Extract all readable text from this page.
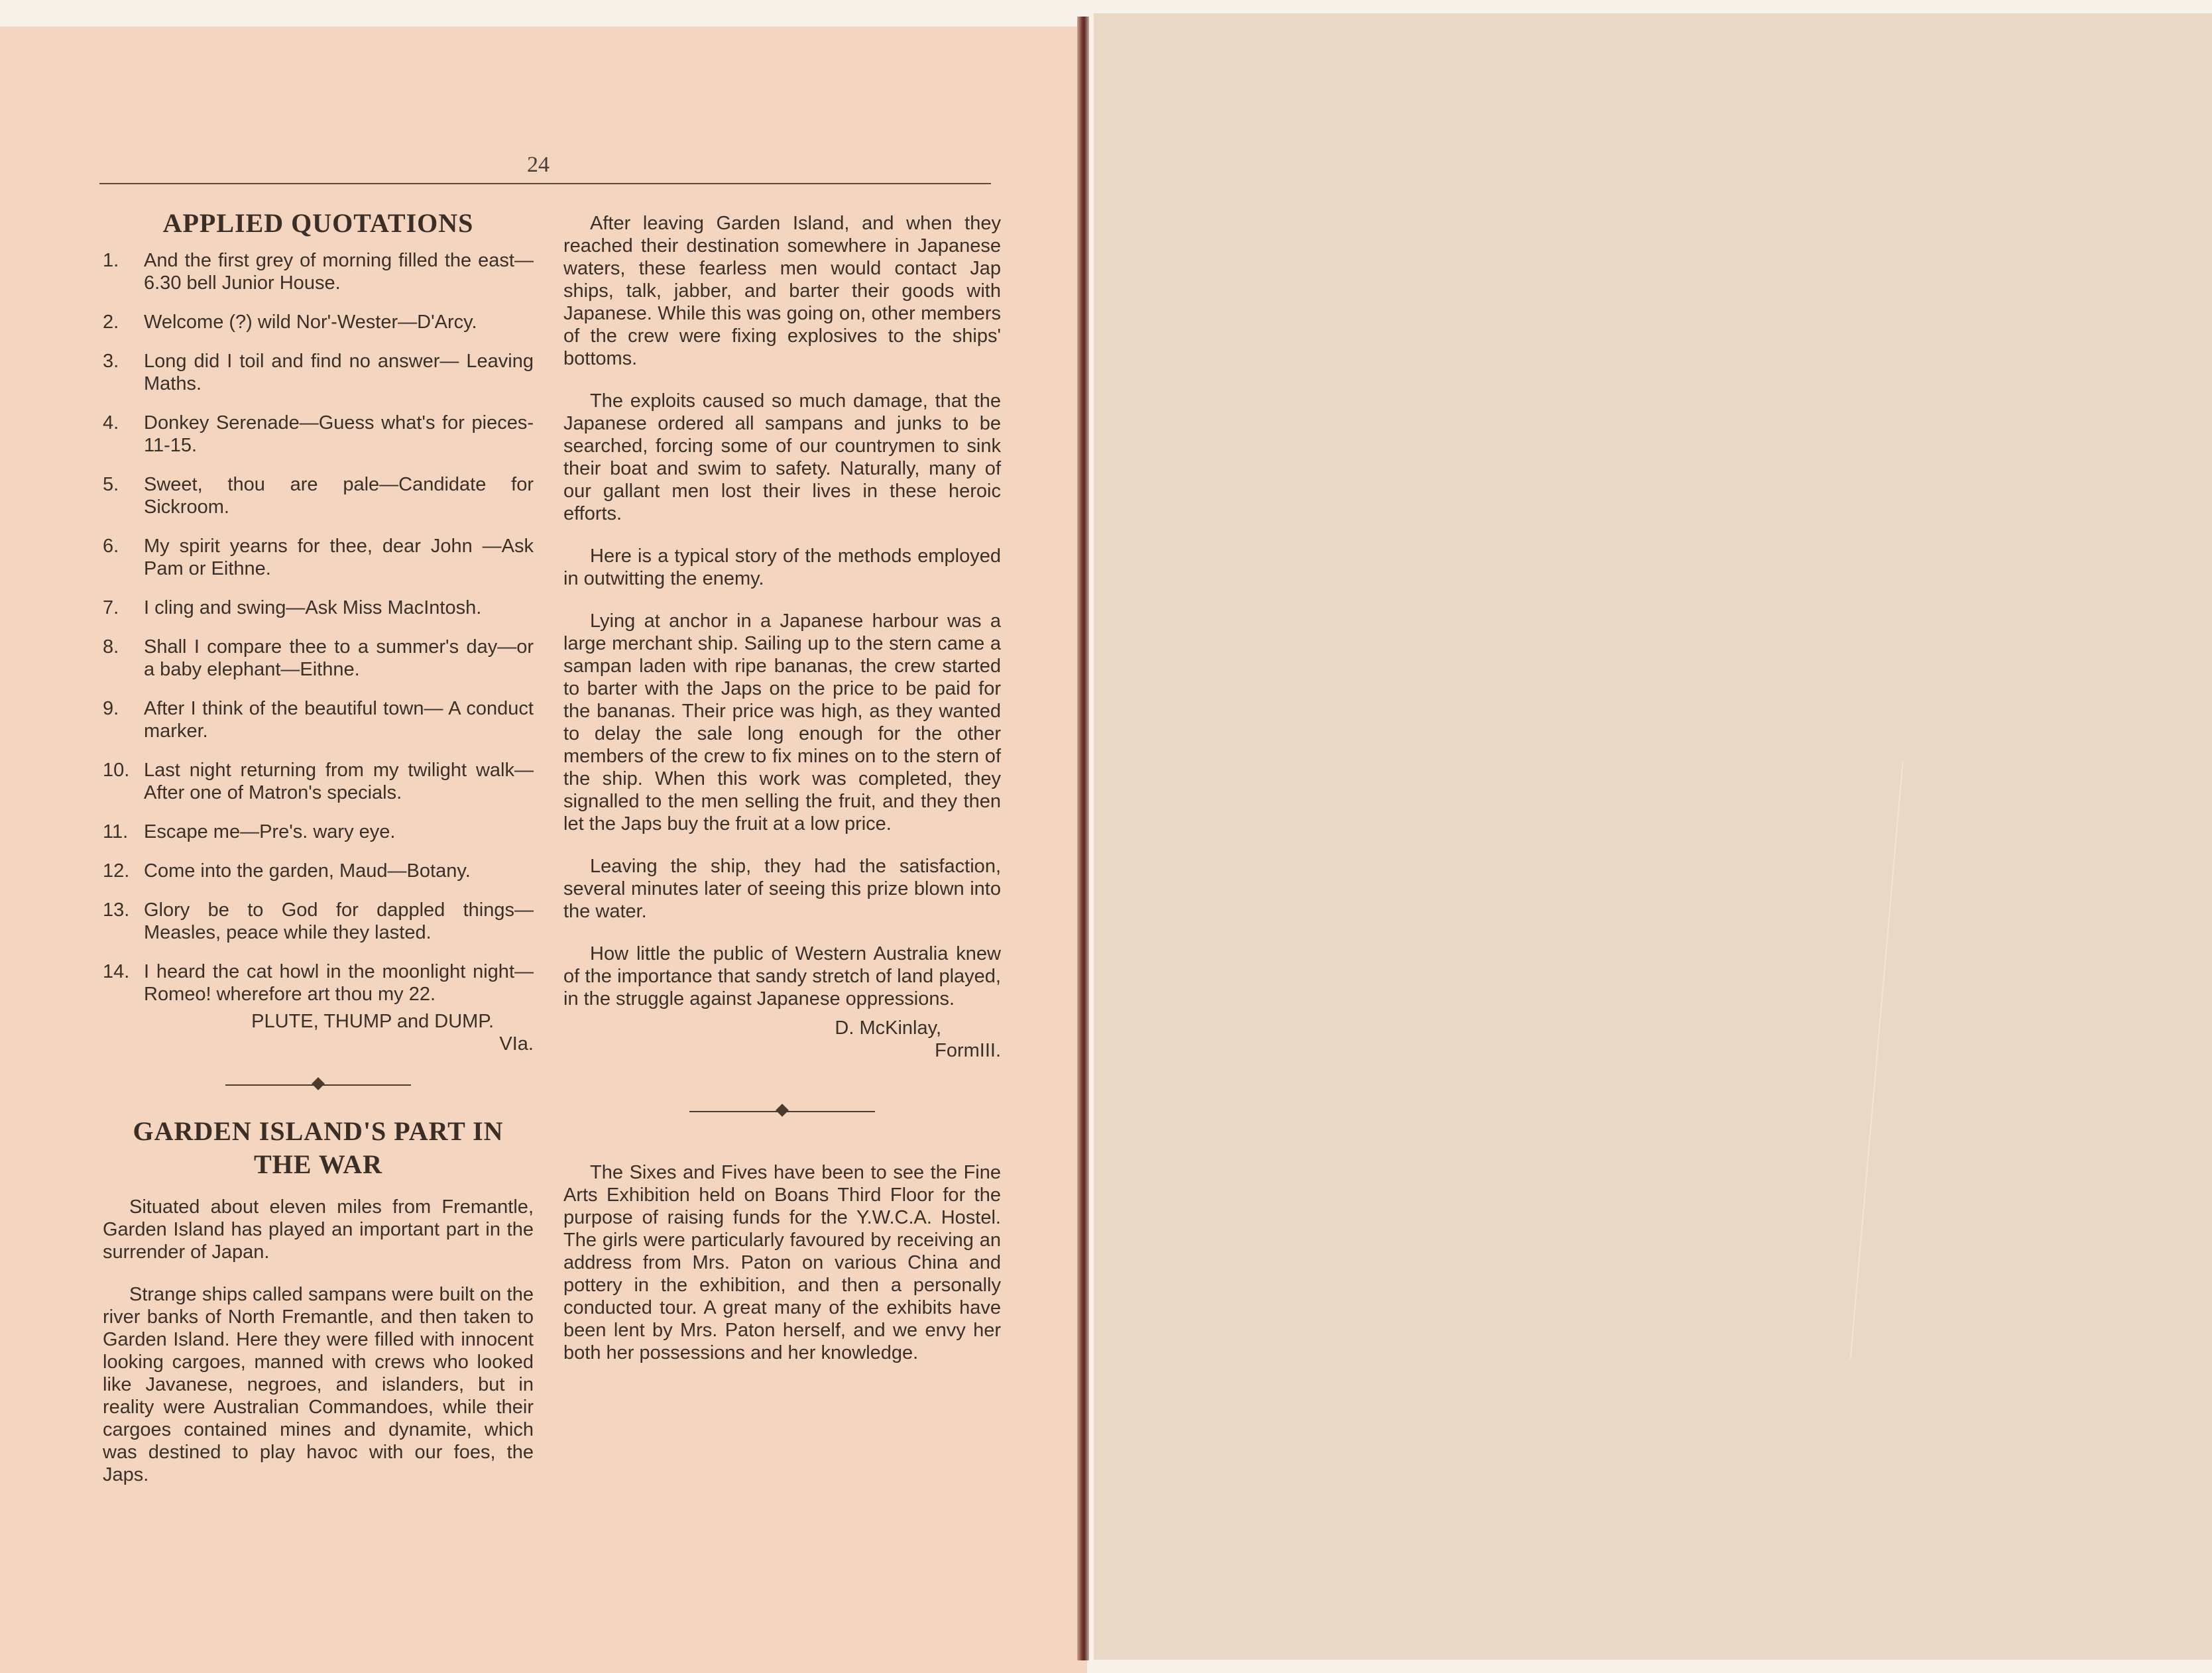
24
APPLIED QUOTATIONS
1.	And the first grey of morning filled the east—6.30 bell Junior House.
2.	Welcome (?) wild Nor'-Wester—D'Arcy.
3.	Long did I toil and find no answer— Leaving Maths.
4.	Donkey Serenade—Guess what's for pieces-11-15.
5.	Sweet, thou are pale—Candidate for Sickroom.
6.	My spirit yearns for thee, dear John —Ask Pam or Eithne.
7.	I cling and swing—Ask Miss MacIntosh.
8.	Shall I compare thee to a summer's day—or a baby elephant—Eithne.
9.	After I think of the beautiful town— A conduct marker.
10. Last night returning from my twilight walk—After one of Matron's specials.
11. Escape me—Pre's. wary eye.
12. Come into the garden, Maud—Botany.
13. Glory be to God for dappled things— Measles, peace while they lasted.
14. I heard the cat howl in the moonlight night—Romeo! wherefore art thou my 22.
PLUTE, THUMP and DUMP.
VIa.
GARDEN ISLAND'S PART IN THE WAR

Situated about eleven miles from Fremantle, Garden Island has played an important part in the surrender of Japan.

Strange ships called sampans were built on the river banks of North Fremantle, and then taken to Garden Island. Here they were filled with innocent looking cargoes, manned with crews who looked like Javanese, negroes, and islanders, but in reality were Australian Commandoes, while their cargoes contained mines and dynamite, which was destined to play havoc with our foes, the Japs.

After leaving Garden Island, and when they reached their destination somewhere in Japanese waters, these fearless men would contact Jap ships, talk, jabber, and barter their goods with Japanese. While this was going on, other members of the crew were fixing explosives to the ships' bottoms.

The exploits caused so much damage, that the Japanese ordered all sampans and junks to be searched, forcing some of our countrymen to sink their boat and swim to safety. Naturally, many of our gallant men lost their lives in these heroic efforts.

Here is a typical story of the methods employed in outwitting the enemy.

Lying at anchor in a Japanese harbour was a large merchant ship. Sailing up to the stern came a sampan laden with ripe bananas, the crew started to barter with the Japs on the price to be paid for the bananas. Their price was high, as they wanted to delay the sale long enough for the other members of the crew to fix mines on to the stern of the ship. When this work was completed, they signalled to the men selling the fruit, and they then let the Japs buy the fruit at a low price.

Leaving the ship, they had the satisfaction, several minutes later of seeing this prize blown into the water.

How little the public of Western Australia knew of the importance that sandy stretch of land played, in the struggle against Japanese oppressions.

D. McKinlay,
FormIII.

The Sixes and Fives have been to see the Fine Arts Exhibition held on Boans Third Floor for the purpose of raising funds for the Y.W.C.A. Hostel. The girls were particularly favoured by receiving an address from Mrs. Paton on various China and pottery in the exhibition, and then a personally conducted tour. A great many of the exhibits have been lent by Mrs. Paton herself, and we envy her both her possessions and her knowledge.
